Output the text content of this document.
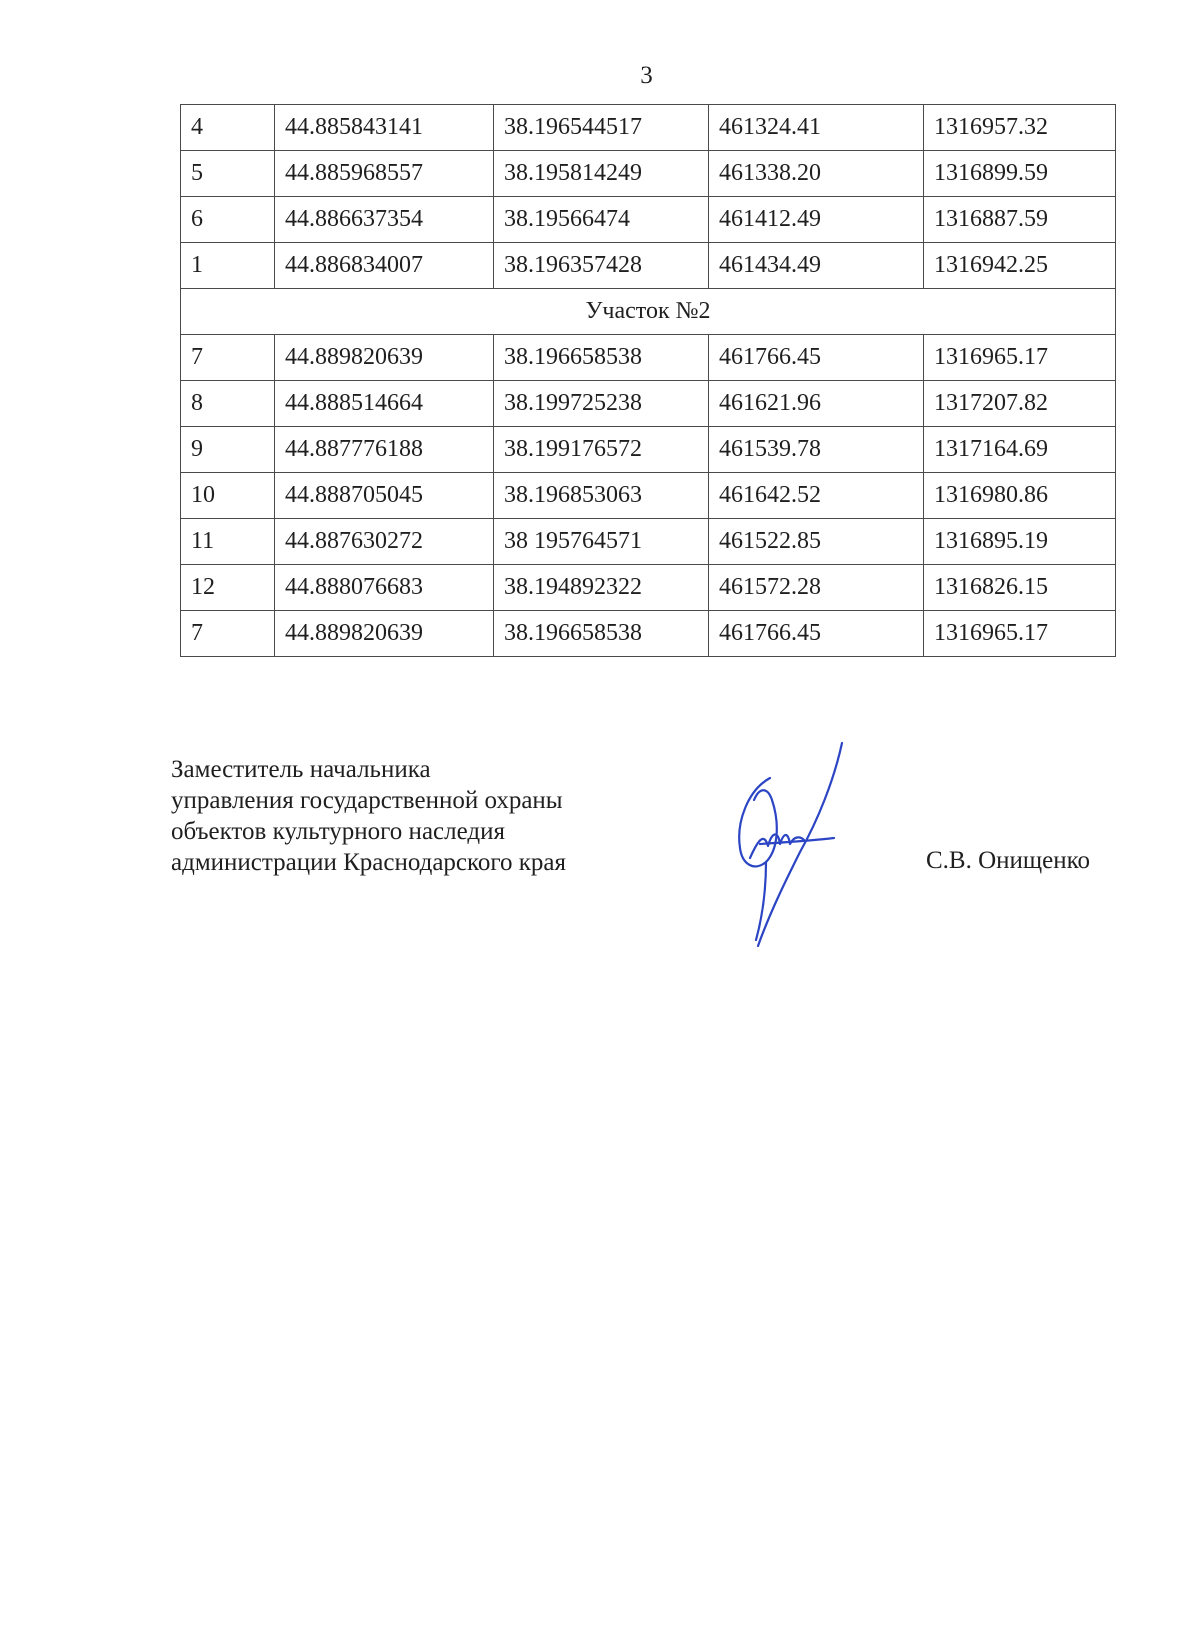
3
4	44.885843141	38.196544517	461324.41	1316957.32
5	44.885968557	38.195814249	461338.20	1316899.59
6	44.886637354	38.19566474	461412.49	1316887.59
1	44.886834007	38.196357428	461434.49	1316942.25
Участок №2				
7	44.889820639	38.196658538	461766.45	1316965.17
8	44.888514664	38.199725238	461621.96	1317207.82
9	44.887776188	38.199176572	461539.78	1317164.69
10	44.888705045	38.196853063	461642.52	1316980.86
11	44.887630272	38 195764571	461522.85	1316895.19
12	44.888076683	38.194892322	461572.28	1316826.15
7	44.889820639	38.196658538	461766.45	1316965.17
Заместитель начальника
управления государственной охраны
объектов культурного наследия
администрации Краснодарского края	С.В. Онищенко
